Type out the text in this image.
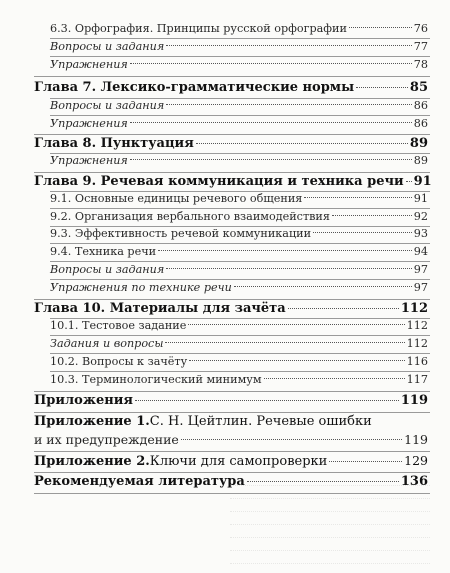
6.3. Орфография. Принципы русской орфографии	76
Вопросы и задания	77
Упражнения	78
Глава 7. Лексико-грамматические нормы	85
Вопросы и задания	86
Упражнения	86
Глава 8. Пунктуация	89
Упражнения	89
Глава 9. Речевая коммуникация и техника речи 91
9.1. Основные единицы речевого общения	91
9.2. Организация вербального взаимодействия	92
9.3. Эффективность речевой коммуникации	93
9.4. Техника речи	94
Вопросы и задания	97
Упражнения по технике речи	97
Глава 10. Материалы для зачёта	112
10.1. Тестовое задание	112
Задания и вопросы	112
10.2. Вопросы к зачёту	116
10.3. Терминологический минимум	117
Приложения	119
Приложение 1. С. Н. Цейтлин. Речевые ошибки
и их предупреждение	119
Приложение 2. Ключи для самопроверки	129
Рекомендуемая литература	136
